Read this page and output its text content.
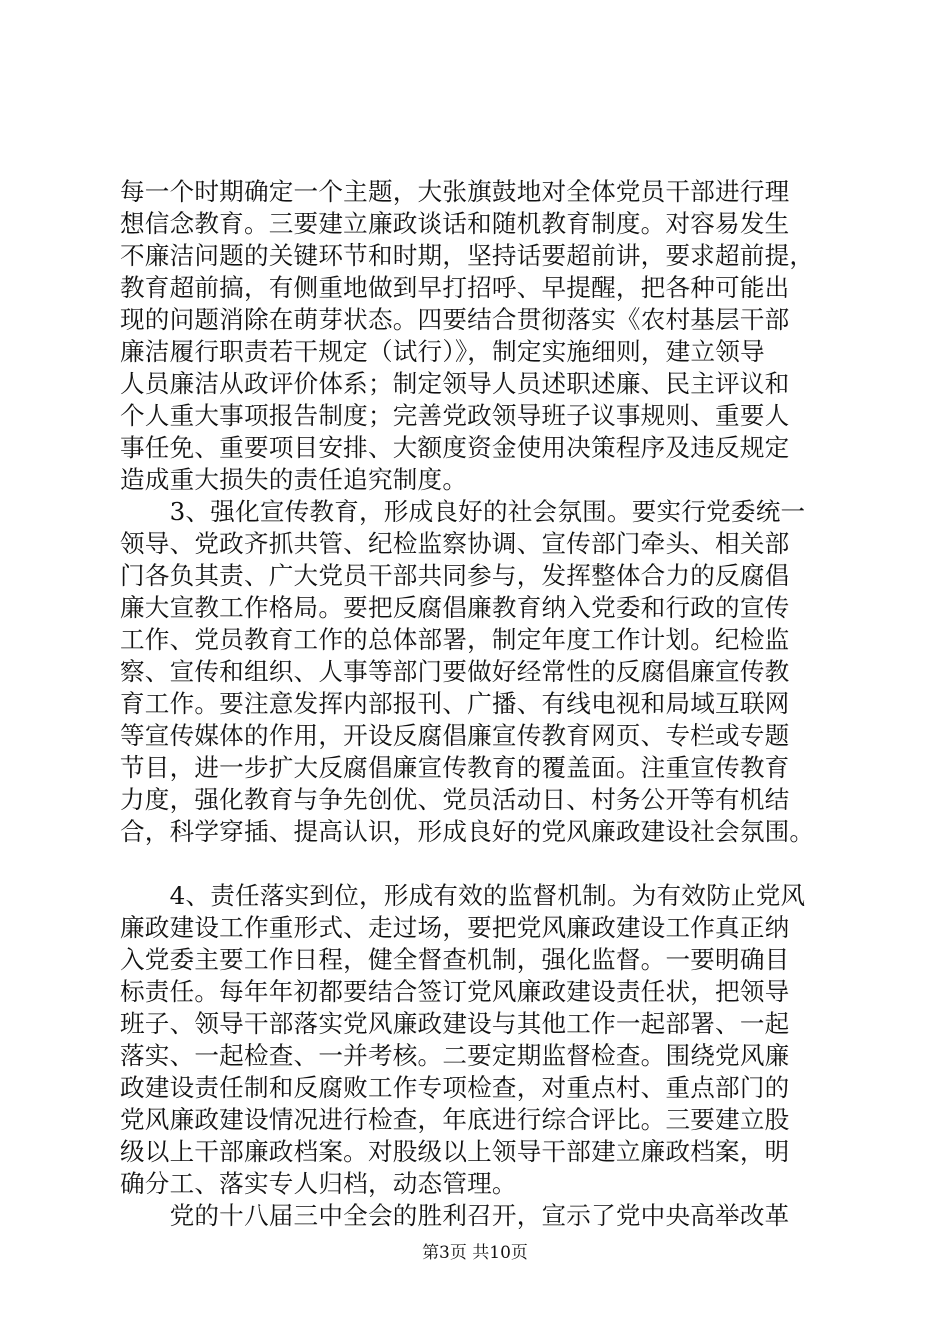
每一个时期确定一个主题，大张旗鼓地对全体党员干部进行理

想信念教育。三要建立廉政谈话和随机教育制度。对容易发生

不廉洁问题的关键环节和时期，坚持话要超前讲，要求超前提，

教育超前搞，有侧重地做到早打招呼、早提醒，把各种可能出

现的问题消除在萌芽状态。四要结合贯彻落实《农村基层干部

廉洁履行职责若干规定（试行）》，制定实施细则，建立领导

人员廉洁从政评价体系；制定领导人员述职述廉、民主评议和

个人重大事项报告制度；完善党政领导班子议事规则、重要人

事任免、重要项目安排、大额度资金使用决策程序及违反规定

造成重大损失的责任追究制度。

　　3、强化宣传教育，形成良好的社会氛围。要实行党委统一

领导、党政齐抓共管、纪检监察协调、宣传部门牵头、相关部

门各负其责、广大党员干部共同参与，发挥整体合力的反腐倡

廉大宣教工作格局。要把反腐倡廉教育纳入党委和行政的宣传

工作、党员教育工作的总体部署，制定年度工作计划。纪检监

察、宣传和组织、人事等部门要做好经常性的反腐倡廉宣传教

育工作。要注意发挥内部报刊、广播、有线电视和局域互联网

等宣传媒体的作用，开设反腐倡廉宣传教育网页、专栏或专题

节目，进一步扩大反腐倡廉宣传教育的覆盖面。注重宣传教育

力度，强化教育与争先创优、党员活动日、村务公开等有机结

合，科学穿插、提高认识，形成良好的党风廉政建设社会氛围。

　　4、责任落实到位，形成有效的监督机制。为有效防止党风

廉政建设工作重形式、走过场，要把党风廉政建设工作真正纳

入党委主要工作日程，健全督查机制，强化监督。一要明确目

标责任。每年年初都要结合签订党风廉政建设责任状，把领导

班子、领导干部落实党风廉政建设与其他工作一起部署、一起

落实、一起检查、一并考核。二要定期监督检查。围绕党风廉

政建设责任制和反腐败工作专项检查，对重点村、重点部门的

党风廉政建设情况进行检查，年底进行综合评比。三要建立股

级以上干部廉政档案。对股级以上领导干部建立廉政档案，明

确分工、落实专人归档，动态管理。

　　党的十八届三中全会的胜利召开，宣示了党中央高举改革

第3页 共10页
